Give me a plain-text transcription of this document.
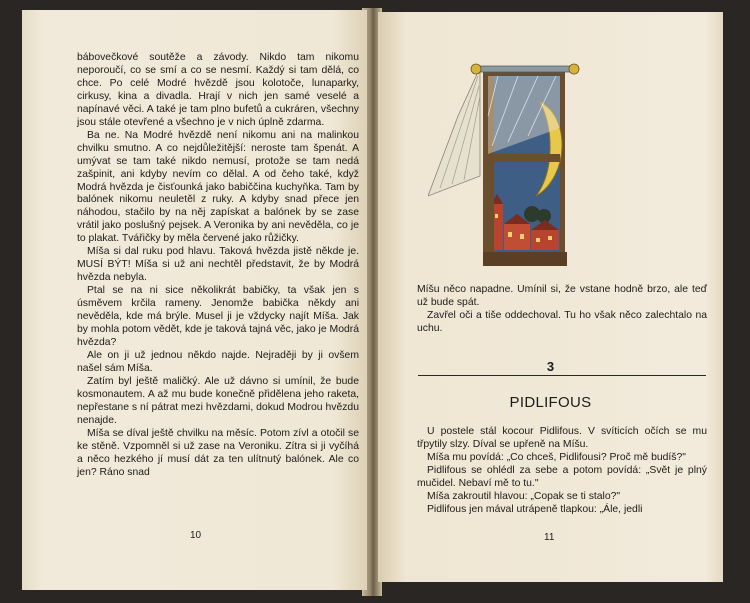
bábovečkové soutěže a závody. Nikdo tam nikomu neporoučí, co se smí a co se nesmí. Každý si tam dělá, co chce. Po celé Modré hvězdě jsou kolotoče, lunaparky, cirkusy, kina a divadla. Hrají v nich jen samé veselé a napínavé věci. A také je tam plno bufetů a cukráren, všechny jsou stále otevřené a všechno je v nich úplně zdarma.

Ba ne. Na Modré hvězdě není nikomu ani na malinkou chvilku smutno. A co nejdůležitější: neroste tam špenát. A umývat se tam také nikdo nemusí, protože se tam nedá zašpinit, ani kdyby nevím co dělal. A od čeho také, když Modrá hvězda je čisťounká jako babiččina kuchyňka. Tam by balónek nikomu neuletěl z ruky. A kdyby snad přece jen náhodou, stačilo by na něj zapískat a balónek by se zase vrátil jako poslušný pejsek. A Veronika by ani nevěděla, co je to plakat. Tvářičky by měla červené jako růžičky.

Míša si dal ruku pod hlavu. Taková hvězda jistě někde je. MUSÍ BÝT! Míša si už ani nechtěl představit, že by Modrá hvězda nebyla.

Ptal se na ni sice několikrát babičky, ta však jen s úsměvem krčila rameny. Jenomže babička někdy ani nevěděla, kde má brýle. Musel ji je vždycky najít Míša. Jak by mohla potom vědět, kde je taková tajná věc, jako je Modrá hvězda?

Ale on ji už jednou někdo najde. Nejraději by ji ovšem našel sám Míša.

Zatím byl ještě maličký. Ale už dávno si umínil, že bude kosmonautem. A až mu bude konečně přidělena jeho raketa, nepřestane s ní pátrat mezi hvězdami, dokud Modrou hvězdu nenajde.

Míša se díval ještě chvilku na měsíc. Potom zívl a otočil se ke stěně. Vzpomněl si už zase na Veroniku. Zítra si ji vyčíhá a něco hezkého jí musí dát za ten ulítnutý balónek. Ale co jen? Ráno snad

10

Míšu něco napadne. Umínil si, že vstane hodně brzo, ale teď už bude spát.

Zavřel oči a tiše oddechoval. Tu ho však něco zalechtalo na uchu.

3
PIDLIFOUS

U postele stál kocour Pidlifous. V svíticích očích se mu třpytily slzy. Díval se upřeně na Míšu.

Míša mu povídá: „Co chceš, Pidlifousi? Proč mě budíš?"

Pidlifous se ohlédl za sebe a potom povídá: „Svět je plný mučidel. Nebaví mě to tu."

Míša zakroutil hlavou: „Copak se ti stalo?"

Pidlifous jen mával utrápeně tlapkou: „Ále, jedli

11
